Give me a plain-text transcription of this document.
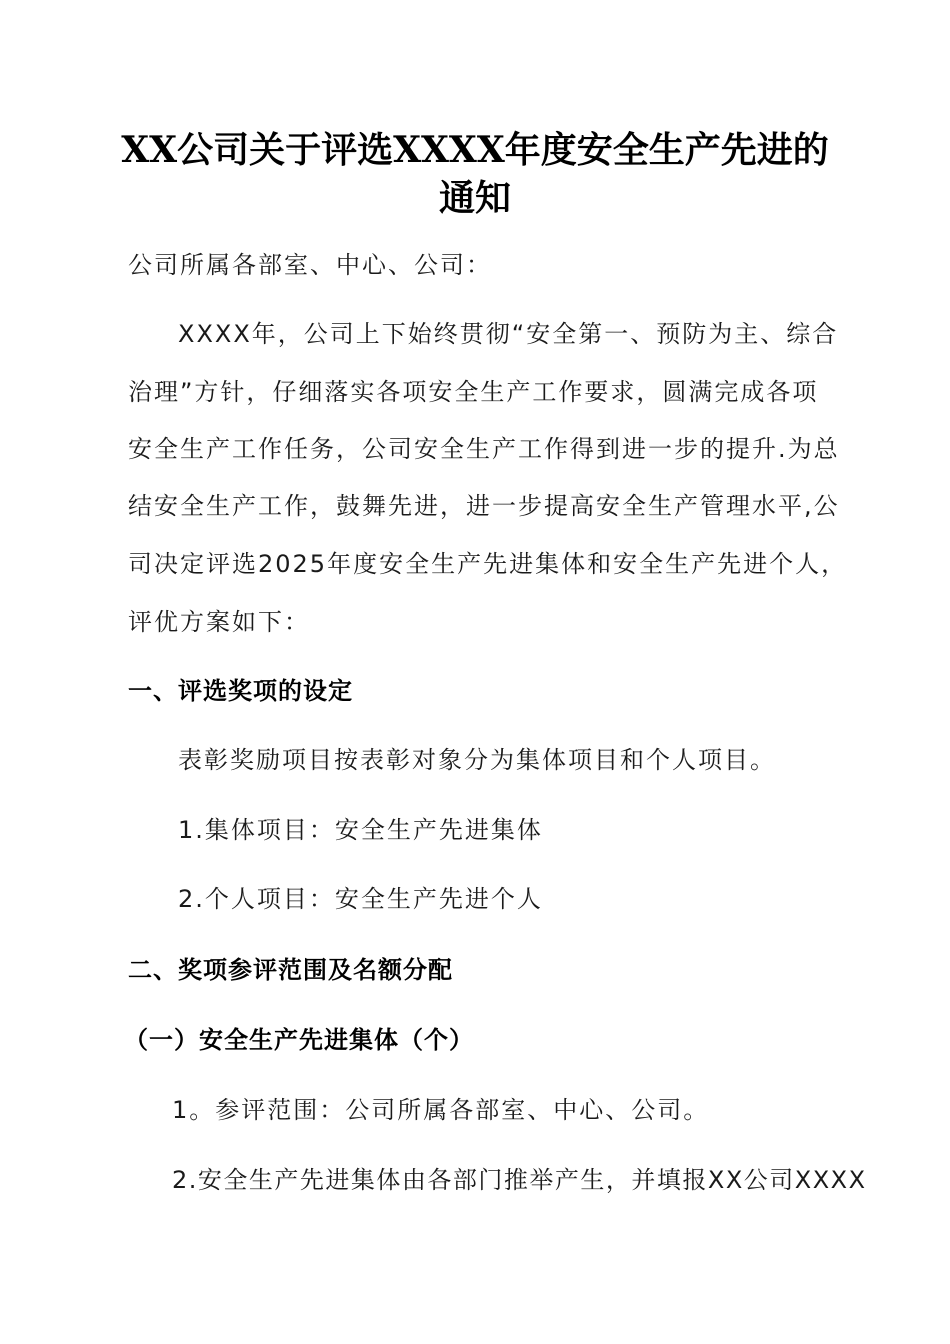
XX公司关于评选XXXX年度安全生产先进的
通知
公司所属各部室、中心、公司：
XXXX年，公司上下始终贯彻“安全第一、预防为主、综合
治理”方针，仔细落实各项安全生产工作要求，圆满完成各项
安全生产工作任务，公司安全生产工作得到进一步的提升.为总
结安全生产工作，鼓舞先进，进一步提高安全生产管理水平,公
司决定评选2025年度安全生产先进集体和安全生产先进个人，
评优方案如下：
一、评选奖项的设定
表彰奖励项目按表彰对象分为集体项目和个人项目。
1.集体项目：安全生产先进集体
2.个人项目：安全生产先进个人
二、奖项参评范围及名额分配
（一）安全生产先进集体（个）
1。参评范围：公司所属各部室、中心、公司。
2.安全生产先进集体由各部门推举产生，并填报XX公司XXXX
